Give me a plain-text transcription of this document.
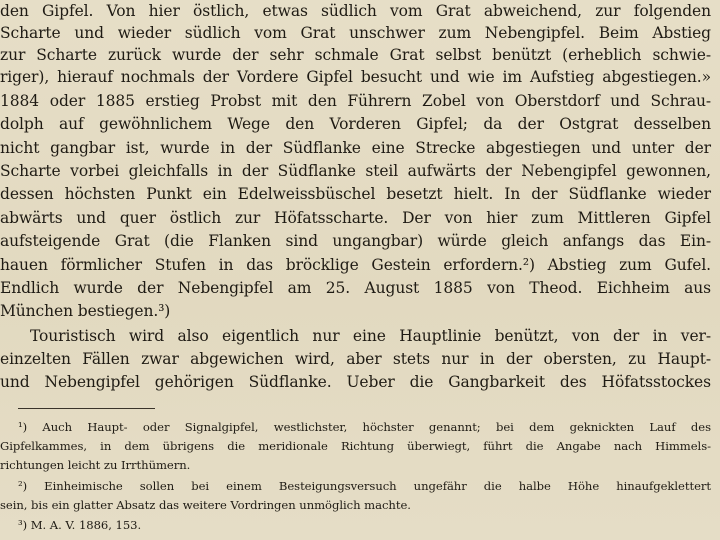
den Gipfel. Von hier östlich, etwas südlich vom Grat abweichend, zur folgenden
Scharte und wieder südlich vom Grat unschwer zum Nebengipfel. Beim Abstieg
zur Scharte zurück wurde der sehr schmale Grat selbst benützt (erheblich schwie-
riger), hierauf nochmals der Vordere Gipfel besucht und wie im Aufstieg abgestiegen.»
1884 oder 1885 erstieg Probst mit den Führern Zobel von Oberstdorf und Schrau-
dolph auf gewöhnlichem Wege den Vorderen Gipfel; da der Ostgrat desselben
nicht gangbar ist, wurde in der Südflanke eine Strecke abgestiegen und unter der
Scharte vorbei gleichfalls in der Südflanke steil aufwärts der Nebengipfel gewonnen,
dessen höchsten Punkt ein Edelweissbüschel besetzt hielt. In der Südflanke wieder
abwärts und quer östlich zur Höfatsscharte. Der von hier zum Mittleren Gipfel
aufsteigende Grat (die Flanken sind ungangbar) würde gleich anfangs das Ein-
hauen förmlicher Stufen in das bröcklige Gestein erfordern.²) Abstieg zum Gufel.
Endlich wurde der Nebengipfel am 25. August 1885 von Theod. Eichheim aus
München bestiegen.³)
Touristisch wird also eigentlich nur eine Hauptlinie benützt, von der in ver-
einzelten Fällen zwar abgewichen wird, aber stets nur in der obersten, zu Haupt-
und Nebengipfel gehörigen Südflanke. Ueber die Gangbarkeit des Höfatsstockes
¹) Auch Haupt- oder Signalgipfel, westlichster, höchster genannt; bei dem geknickten Lauf des
Gipfelkammes, in dem übrigens die meridionale Richtung überwiegt, führt die Angabe nach Himmels-
richtungen leicht zu Irrthümern.
²) Einheimische sollen bei einem Besteigungsversuch ungefähr die halbe Höhe hinaufgeklettert
sein, bis ein glatter Absatz das weitere Vordringen unmöglich machte.
³) M. A. V. 1886, 153.
